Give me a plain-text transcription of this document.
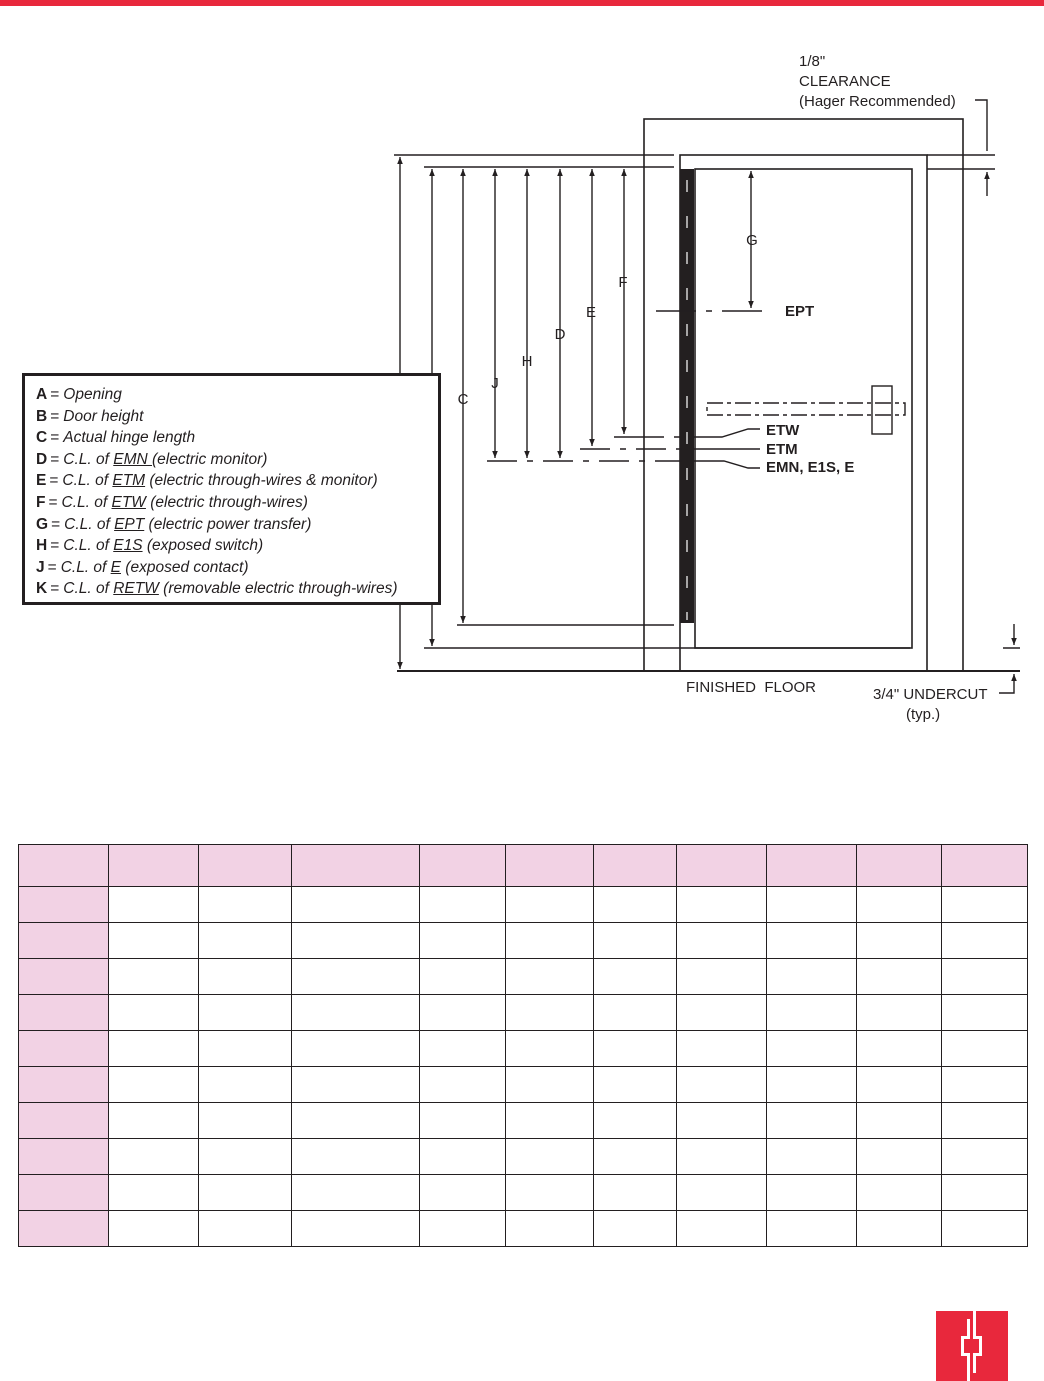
1/8"
CLEARANCE
(Hager Recommended)
C
J
H
D
E
F
G
EPT
ETW
ETM
EMN, E1S, E
FINISHED  FLOOR	3/4" UNDERCUT
(typ.)
A = Opening
B = Door height
C = Actual hinge length
D = C.L. of EMN (electric monitor)
E = C.L. of ETM (electric through-wires & monitor)
F = C.L. of ETW (electric through-wires)
G = C.L. of EPT (electric power transfer)
H = C.L. of E1S (exposed switch)
J = C.L. of E (exposed contact)
K = C.L. of RETW (removable electric through-wires)
